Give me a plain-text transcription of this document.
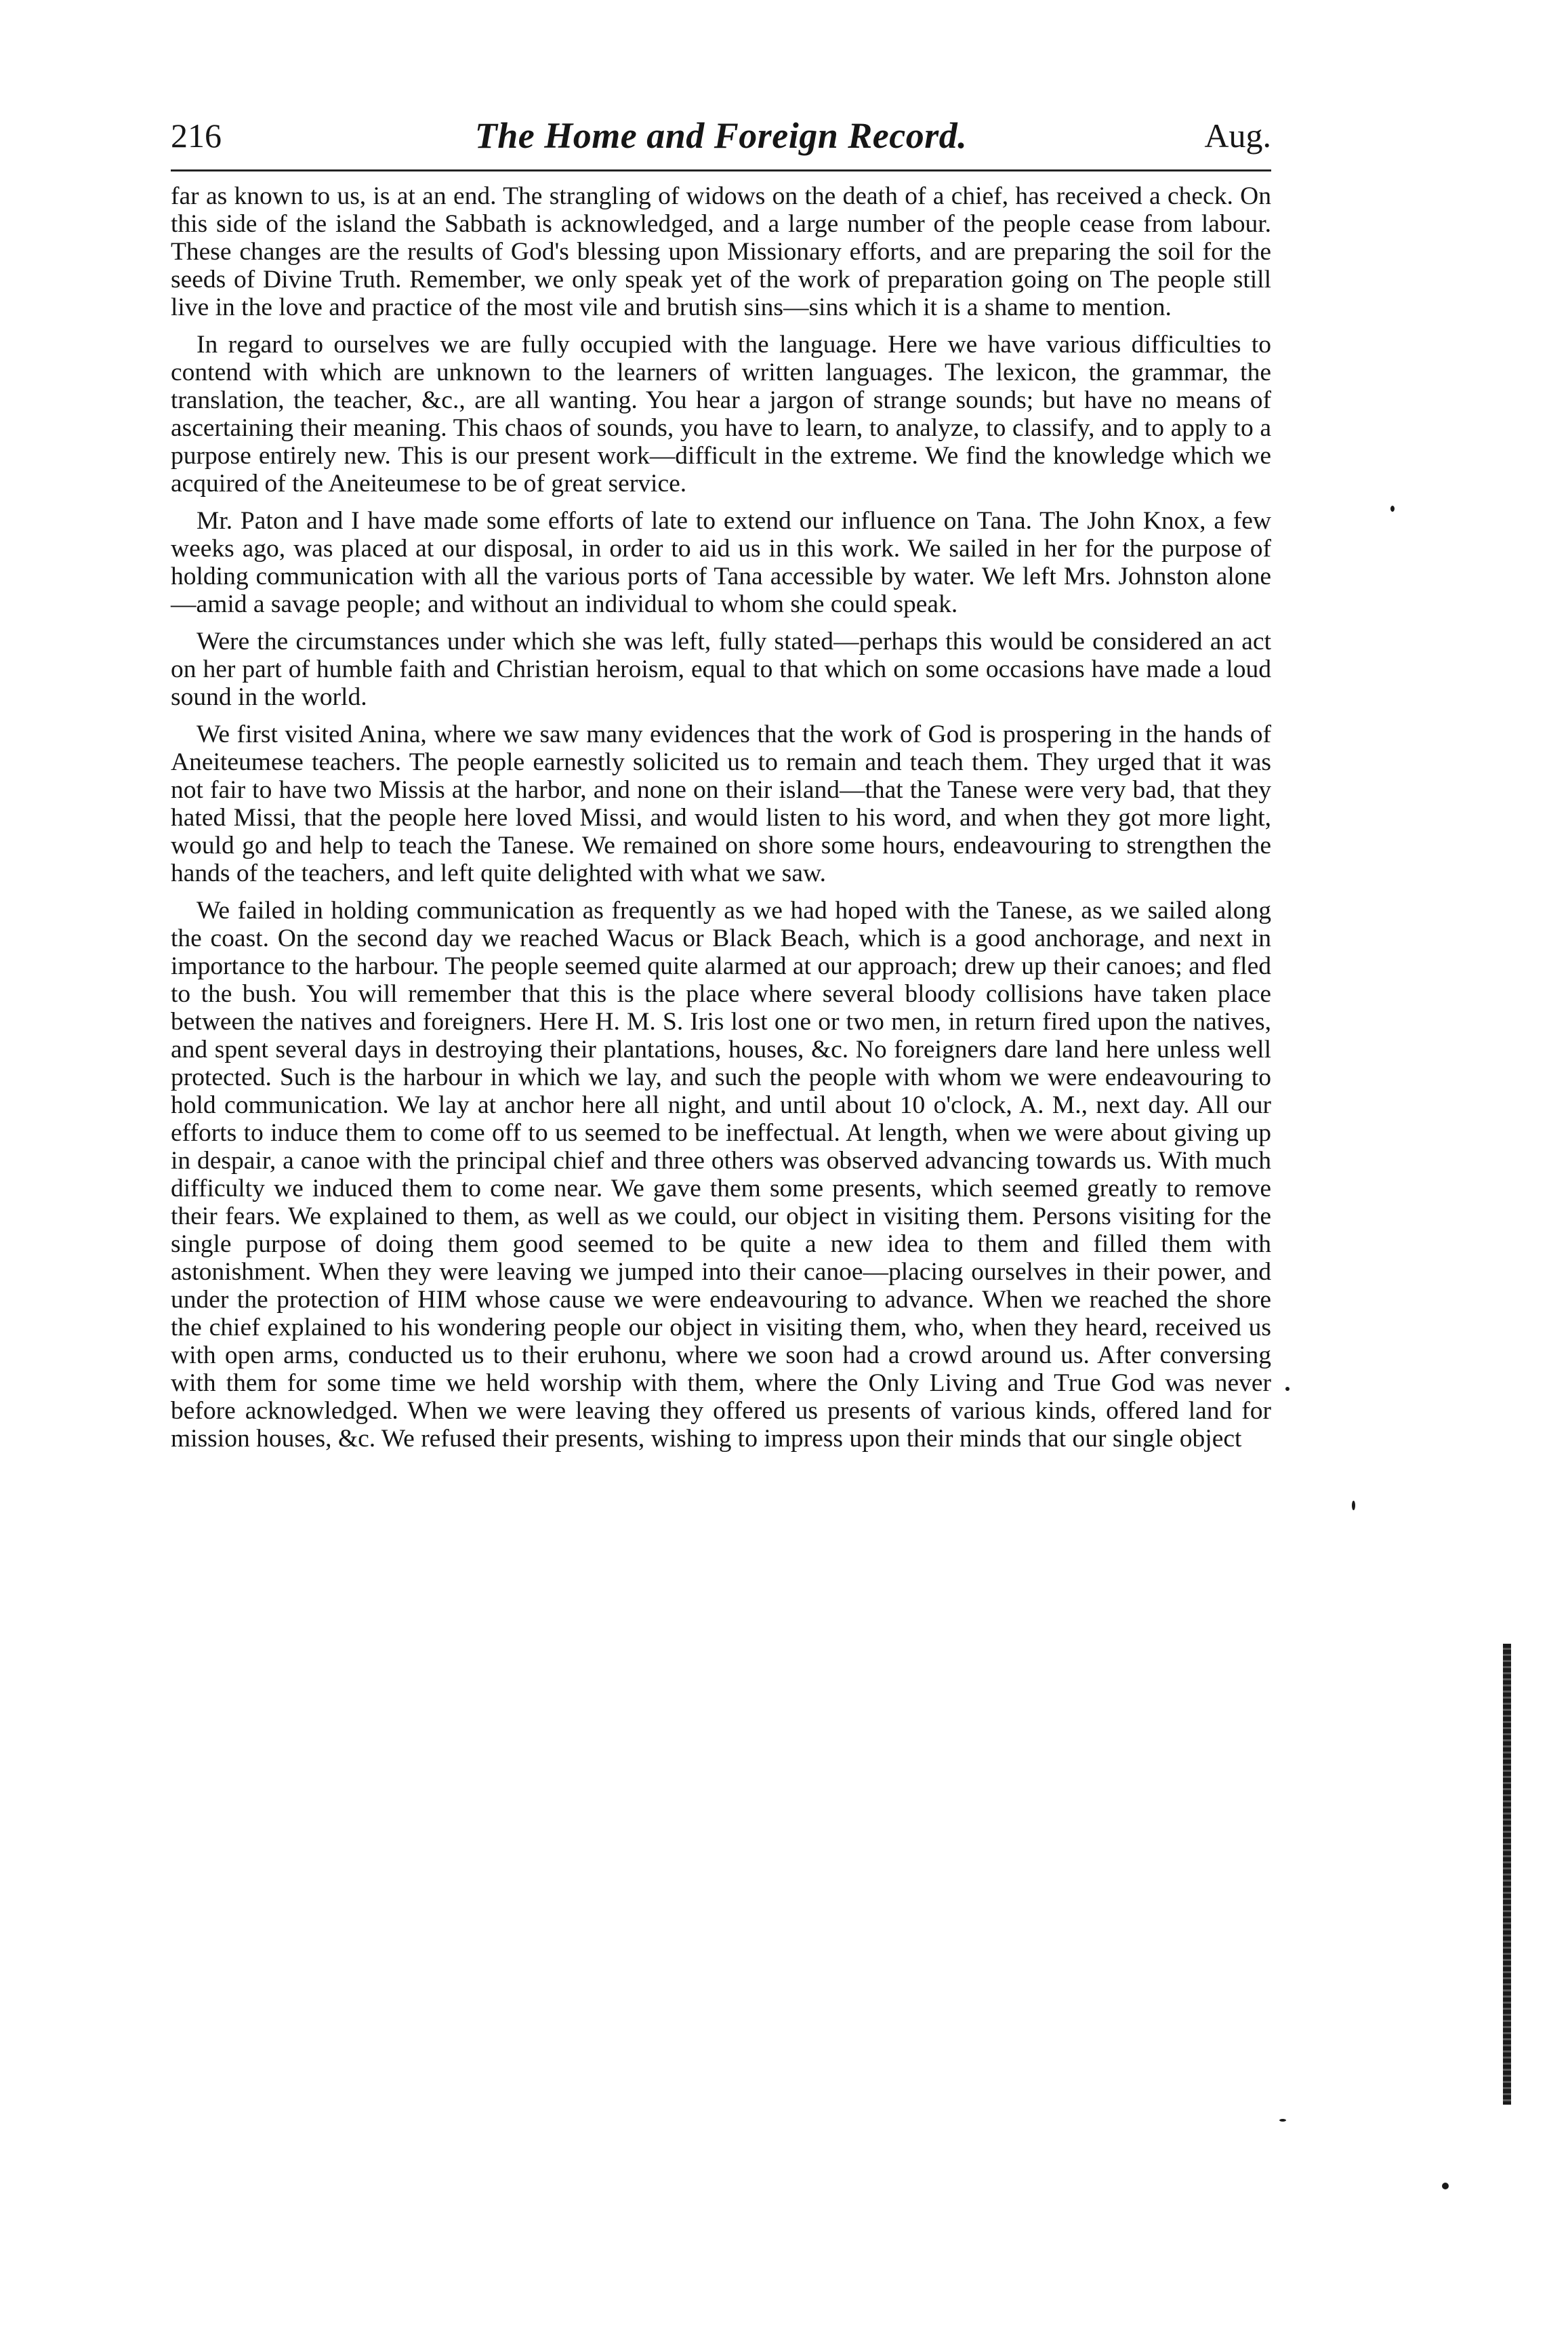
216	The Home and Foreign Record.	Aug.

far as known to us, is at an end. The strangling of widows on the death of a chief, has received a check. On this side of the island the Sabbath is acknowledged, and a large number of the people cease from labour. These changes are the results of God's blessing upon Missionary efforts, and are preparing the soil for the seeds of Divine Truth. Remember, we only speak yet of the work of preparation going on The people still live in the love and practice of the most vile and brutish sins—sins which it is a shame to mention.

In regard to ourselves we are fully occupied with the language. Here we have various difficulties to contend with which are unknown to the learners of written languages. The lexicon, the grammar, the translation, the teacher, &c., are all wanting. You hear a jargon of strange sounds; but have no means of ascertaining their meaning. This chaos of sounds, you have to learn, to analyze, to classify, and to apply to a purpose entirely new. This is our present work—difficult in the extreme. We find the knowledge which we acquired of the Aneiteumese to be of great service.

Mr. Paton and I have made some efforts of late to extend our influence on Tana. The John Knox, a few weeks ago, was placed at our disposal, in order to aid us in this work. We sailed in her for the purpose of holding communication with all the various ports of Tana accessible by water. We left Mrs. Johnston alone—amid a savage people; and without an individual to whom she could speak.

Were the circumstances under which she was left, fully stated—perhaps this would be considered an act on her part of humble faith and Christian heroism, equal to that which on some occasions have made a loud sound in the world.

We first visited Anina, where we saw many evidences that the work of God is prospering in the hands of Aneiteumese teachers. The people earnestly solicited us to remain and teach them. They urged that it was not fair to have two Missis at the harbor, and none on their island—that the Tanese were very bad, that they hated Missi, that the people here loved Missi, and would listen to his word, and when they got more light, would go and help to teach the Tanese. We remained on shore some hours, endeavouring to strengthen the hands of the teachers, and left quite delighted with what we saw.

We failed in holding communication as frequently as we had hoped with the Tanese, as we sailed along the coast. On the second day we reached Wacus or Black Beach, which is a good anchorage, and next in importance to the harbour. The people seemed quite alarmed at our approach; drew up their canoes; and fled to the bush. You will remember that this is the place where several bloody collisions have taken place between the natives and foreigners. Here H. M. S. Iris lost one or two men, in return fired upon the natives, and spent several days in destroying their plantations, houses, &c. No foreigners dare land here unless well protected. Such is the harbour in which we lay, and such the people with whom we were endeavouring to hold communication. We lay at anchor here all night, and until about 10 o'clock, A. M., next day. All our efforts to induce them to come off to us seemed to be ineffectual. At length, when we were about giving up in despair, a canoe with the principal chief and three others was observed advancing towards us. With much difficulty we induced them to come near. We gave them some presents, which seemed greatly to remove their fears. We explained to them, as well as we could, our object in visiting them. Persons visiting for the single purpose of doing them good seemed to be quite a new idea to them and filled them with astonishment. When they were leaving we jumped into their canoe—placing ourselves in their power, and under the protection of HIM whose cause we were endeavouring to advance. When we reached the shore the chief explained to his wondering people our object in visiting them, who, when they heard, received us with open arms, conducted us to their eruhonu, where we soon had a crowd around us. After conversing with them for some time we held worship with them, where the Only Living and True God was never before acknowledged. When we were leaving they offered us presents of various kinds, offered land for mission houses, &c. We refused their presents, wishing to impress upon their minds that our single object
